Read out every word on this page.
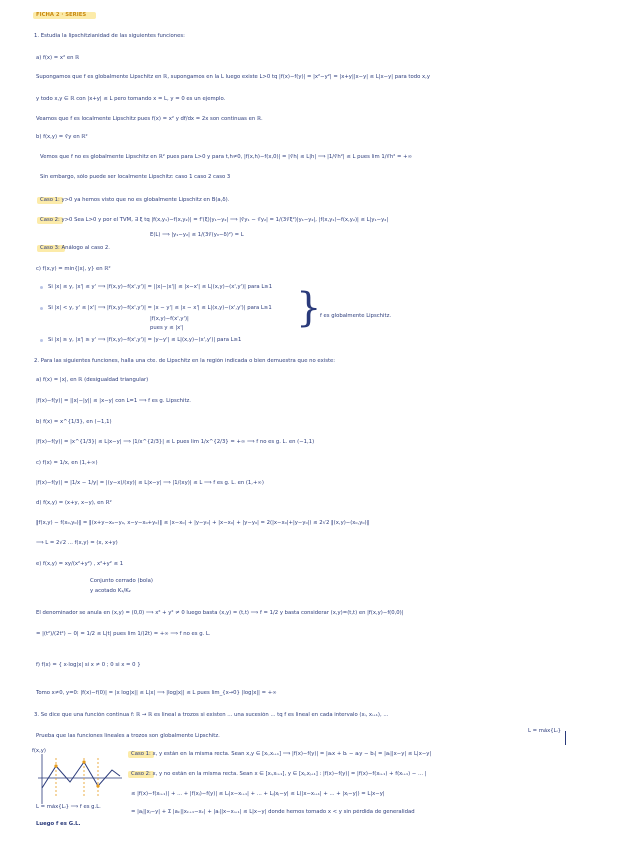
FICHA 2 · SÉRIES
1. Estudia la lipschitzianidad de las siguientes funciones:
a) f(x) = x² en ℝ
Supongamos que f es globalmente Lipschitz en ℝ, supongamos en la L luego existe L>0 tq |f(x)−f(y)| = |x²−y²| = |x+y||x−y| ≤ L|x−y| para todo x,y
y todo x,y ∈ ℝ con |x+y| ≤ L pero tomando x = L, y = 0 es un ejemplo.
Veamos que f es localmente Lipschitz pues f(x) = x² y df/dx = 2x son continuas en ℝ.
b) f(x,y) = ∛y en ℝ²
Vemos que f no es globalmente Lipschitz en ℝ² pues para L>0 y para t,h≠0, |f(x,h)−f(x,0)| = |∛h| ≤ L|h| ⟹ |1/∛h²| ≤ L pues lim 1/∛h² = +∞
Sin embargo, sólo puede ser localmente Lipschitz: caso 1 caso 2 caso 3
Caso 1: y>0 ya hemos visto que no es globalmente Lipschitz en B(a,δ).
Caso 2: y>0 Sea L>0 y por el TVM, ∃ ξ tq |f(x,y₁)−f(x,y₂)| = f'(ξ)|y₁−y₂| ⟹ |∛y₁ − ∛y₂| = 1/(3∛ξ²)|y₁−y₂|, |f(x,y₁)−f(x,y₂)| ≤ L|y₁−y₂|
E(L) ⟹ |y₁−y₂| ≤ 1/(3∛(y₀−δ)²) = L
Caso 3: Análogo al caso 2.
c) f(x,y) = min{|x|, y} en ℝ²
Si |x| ≤ y, |x'| ≤ y' ⟹ |f(x,y)−f(x',y')| = ||x|−|x'|| ≤ |x−x'| ≤ L|(x,y)−(x',y')| para L≥1
Si |x| < y, y' ≤ |x'| ⟹ |f(x,y)−f(x',y')| = |x − y'| ≤ |x − x'| ≤ L|(x,y)−(x',y')| para L≥1
|f(x,y)−f(x',y')|
pues y ≤ |x'|
Si |x| ≥ y, |x'| ≥ y' ⟹ |f(x,y)−f(x',y')| = |y−y'| ≤ L|(x,y)−(x',y')| para L≥1
}
f es globalmente Lipschitz.
2. Para las siguientes funciones, halla una cte. de Lipschitz en la región indicada o bien demuestra que no existe:
a) f(x) = |x|, en ℝ (desigualdad triangular)
|f(x)−f(y)| = ||x|−|y|| ≤ |x−y| con L=1 ⟹ f es g. Lipschitz.
b) f(x) = x^{1/3}, en (−1,1)
|f(x)−f(y)| = |x^{1/3}| ≤ L|x−y| ⟹ |1/x^{2/3}| ≤ L pues lim 1/x^{2/3} = +∞ ⟹ f no es g. L. en (−1,1)
c) f(x) = 1/x, en (1,+∞)
|f(x)−f(y)| = |1/x − 1/y| = |(y−x)/(xy)| ≤ L|x−y| ⟹ |1/(xy)| ≤ L ⟹ f es g. L. en (1,+∞)
d) f(x,y) = (x+y, x−y), en ℝ²
‖f(x,y) − f(x₀,y₀)‖ = ‖(x+y−x₀−y₀, x−y−x₀+y₀)‖ ≤ |x−x₀| + |y−y₀| + |x−x₀| + |y−y₀| = 2(|x−x₀|+|y−y₀|) ≤ 2√2 ‖(x,y)−(x₀,y₀)‖
⟹ L = 2√2 ... f(x,y) = (x, x+y)
e) f(x,y) = xy/(x²+y²) , x²+y² ≤ 1
Conjunto cerrado (bola)
y acotado K₁/K₂
El denominador se anula en (x,y) = (0,0) ⟹ x² + y² ≠ 0 luego basta (x,y) = (t,t) ⟹ f = 1/2 y basta considerar (x,y)=(t,t) en |f(x,y)−f(0,0)|
= |(t²)/(2t²) − 0| = 1/2 ≤ L|t| pues lim 1/(2t) = +∞ ⟹ f no es g. L.
f) f(x) = { x·log|x| si x ≠ 0 ; 0 si x = 0 }
Tomo x≠0, y=0: |f(x)−f(0)| = |x log|x|| ≤ L|x| ⟹ |log|x|| ≤ L pues lim_{x→0} |log|x|| = +∞
3. Se dice que una función continua f: ℝ → ℝ es lineal a trozos si existen ... una sucesión ... tq f es lineal en cada intervalo (xᵢ, xᵢ₊₁), ...
Prueba que las funciones lineales a trozos son globalmente Lipschitz.
L = máx{Lᵢ}
Caso 1: x, y están en la misma recta. Sean x,y ∈ [xᵢ,xᵢ₊₁] ⟹ |f(x)−f(y)| = |aᵢx + bᵢ − aᵢy − bᵢ| = |aᵢ||x−y| ≤ L|x−y|
Caso 2: x, y no están en la misma recta. Sean x ∈ [xᵢ,xᵢ₊₁], y ∈ [xⱼ,xⱼ₊₁] : |f(x)−f(y)| = |f(x)−f(xᵢ₊₁) + f(xᵢ₊₁) − ... |
≤ |f(x)−f(xᵢ₊₁)| + ... + |f(xⱼ)−f(y)| ≤ Lᵢ|x−xᵢ₊₁| + ... + Lⱼ|xⱼ−y| ≤ L(|x−xᵢ₊₁| + ... + |xⱼ−y|) = L|x−y|
= |aⱼ||xⱼ−y| + Σ |aₖ||xₖ₊₁−xₖ| + |aᵢ||x−xᵢ₊₁| ≤ L|x−y| donde hemos tomado x < y sin pérdida de generalidad
L = máx{Lᵢ} ⟹ f es g.L.
Luego f es G.L.
f(x,y)
